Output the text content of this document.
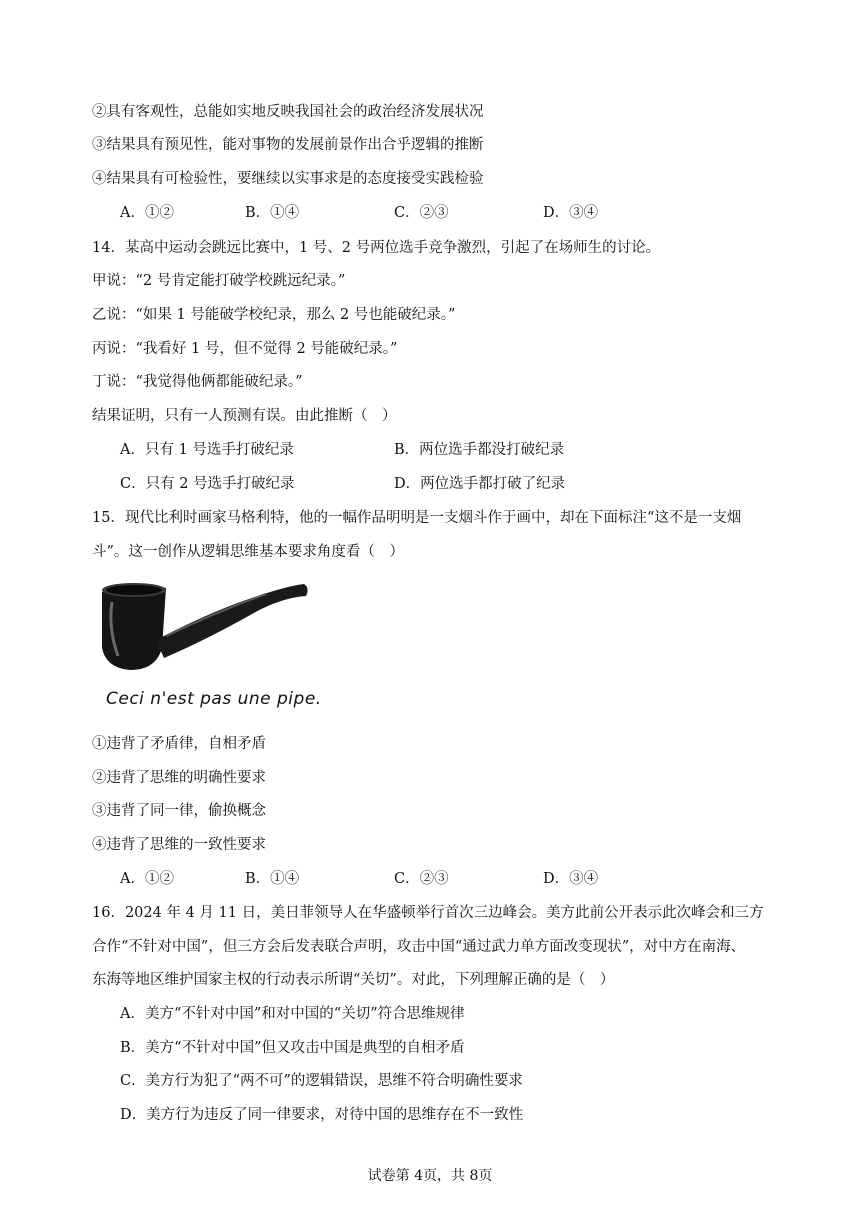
②具有客观性，总能如实地反映我国社会的政治经济发展状况
③结果具有预见性，能对事物的发展前景作出合乎逻辑的推断
④结果具有可检验性，要继续以实事求是的态度接受实践检验
A．①②	B．①④	C．②③	D．③④
14．某高中运动会跳远比赛中，1 号、2 号两位选手竞争激烈，引起了在场师生的讨论。
甲说：“2 号肯定能打破学校跳远纪录。”
乙说：“如果 1 号能破学校纪录，那么 2 号也能破纪录。”
丙说：“我看好 1 号，但不觉得 2 号能破纪录。”
丁说：“我觉得他俩都能破纪录。”
结果证明，只有一人预测有误。由此推断（　）
A．只有 1 号选手打破纪录	B．两位选手都没打破纪录
C．只有 2 号选手打破纪录	D．两位选手都打破了纪录
15．现代比利时画家马格利特，他的一幅作品明明是一支烟斗作于画中，却在下面标注“这不是一支烟
斗”。这一创作从逻辑思维基本要求角度看（　）
Ceci n'est pas une pipe.
①违背了矛盾律，自相矛盾
②违背了思维的明确性要求
③违背了同一律，偷换概念
④违背了思维的一致性要求
A．①②	B．①④	C．②③	D．③④
16．2024 年 4 月 11 日，美日菲领导人在华盛顿举行首次三边峰会。美方此前公开表示此次峰会和三方
合作“不针对中国”，但三方会后发表联合声明，攻击中国“通过武力单方面改变现状”，对中方在南海、
东海等地区维护国家主权的行动表示所谓“关切”。对此，下列理解正确的是（　）
A．美方“不针对中国”和对中国的“关切”符合思维规律
B．美方“不针对中国”但又攻击中国是典型的自相矛盾
C．美方行为犯了“两不可”的逻辑错误，思维不符合明确性要求
D．美方行为违反了同一律要求，对待中国的思维存在不一致性
试卷第 4页，共 8页
